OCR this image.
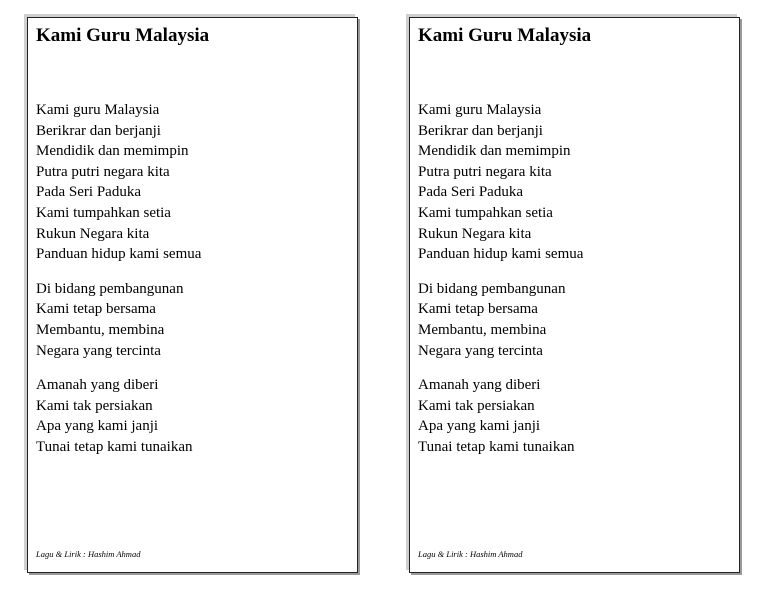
Kami Guru Malaysia

Kami guru Malaysia
Berikrar dan berjanji
Mendidik dan memimpin
Putra putri negara kita
Pada Seri Paduka
Kami tumpahkan setia
Rukun Negara kita
Panduan hidup kami semua

Di bidang pembangunan
Kami tetap bersama
Membantu, membina
Negara yang tercinta

Amanah yang diberi
Kami tak persiakan
Apa yang kami janji
Tunai tetap kami tunaikan

Lagu & Lirik : Hashim Ahmad
Kami Guru Malaysia

Kami guru Malaysia
Berikrar dan berjanji
Mendidik dan memimpin
Putra putri negara kita
Pada Seri Paduka
Kami tumpahkan setia
Rukun Negara kita
Panduan hidup kami semua

Di bidang pembangunan
Kami tetap bersama
Membantu, membina
Negara yang tercinta

Amanah yang diberi
Kami tak persiakan
Apa yang kami janji
Tunai tetap kami tunaikan

Lagu & Lirik : Hashim Ahmad
